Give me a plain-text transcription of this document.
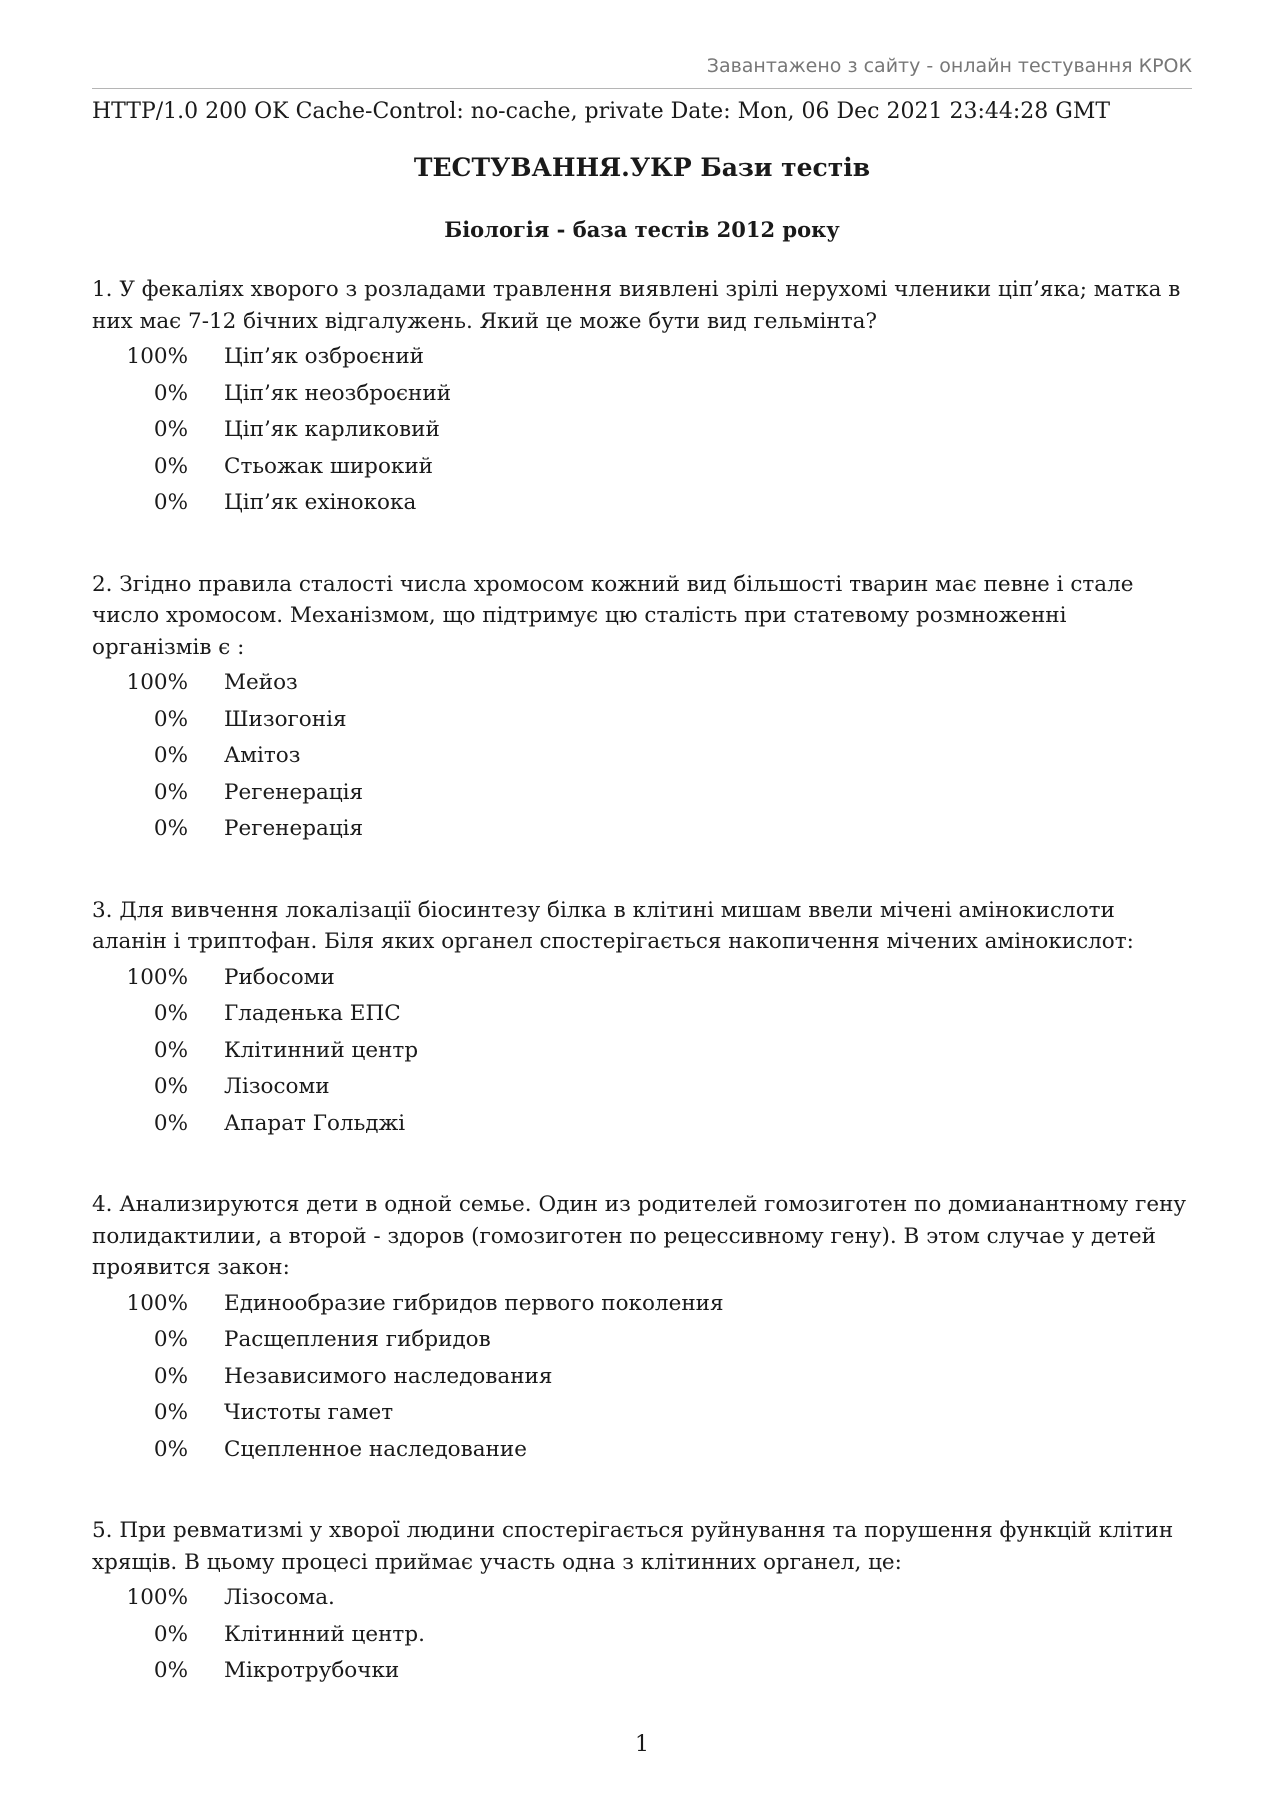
Завантажено з сайту - онлайн тестування КРОК
HTTP/1.0 200 OK Cache-Control: no-cache, private Date: Mon, 06 Dec 2021 23:44:28 GMT
ТЕСТУВАННЯ.УКР Бази тестів
Біологія - база тестів 2012 року
1. У фекаліях хворого з розладами травлення виявлені зрілі нерухомі членики ціп’яка; матка в них має 7-12 бічних відгалужень. Який це може бути вид гельмінта?
100%	Ціп’як озброєний
0%	Ціп’як неозброєний
0%	Ціп’як карликовий
0%	Стьожак широкий
0%	Ціп’як ехінокока
2. Згідно правила сталості числа хромосом кожний вид більшості тварин має певне і стале число хромосом. Механізмом, що підтримує цю сталість при статевому розмноженні організмів є :
100%	Мейоз
0%	Шизогонія
0%	Амітоз
0%	Регенерація
0%	Регенерація
3. Для вивчення локалізації біосинтезу білка в клітині мишам ввели мічені амінокислоти аланін і триптофан. Біля яких органел спостерігається накопичення мічених амінокислот:
100%	Рибосоми
0%	Гладенька ЕПС
0%	Клітинний центр
0%	Лізосоми
0%	Апарат Гольджі
4. Анализируются дети в одной семье. Один из родителей гомозиготен по домианантному гену полидактилии, а второй - здоров (гомозиготен по рецессивному гену). В этом случае у детей проявится закон:
100%	Единообразие гибридов первого поколения
0%	Расщепления гибридов
0%	Независимого наследования
0%	Чистоты гамет
0%	Сцепленное наследование
5. При ревматизмі у хворої людини спостерігається руйнування та порушення функцій клітин хрящів. В цьому процесі приймає участь одна з клітинних органел, це:
100%	Лізосома.
0%	Клітинний центр.
0%	Мікротрубочки
1
